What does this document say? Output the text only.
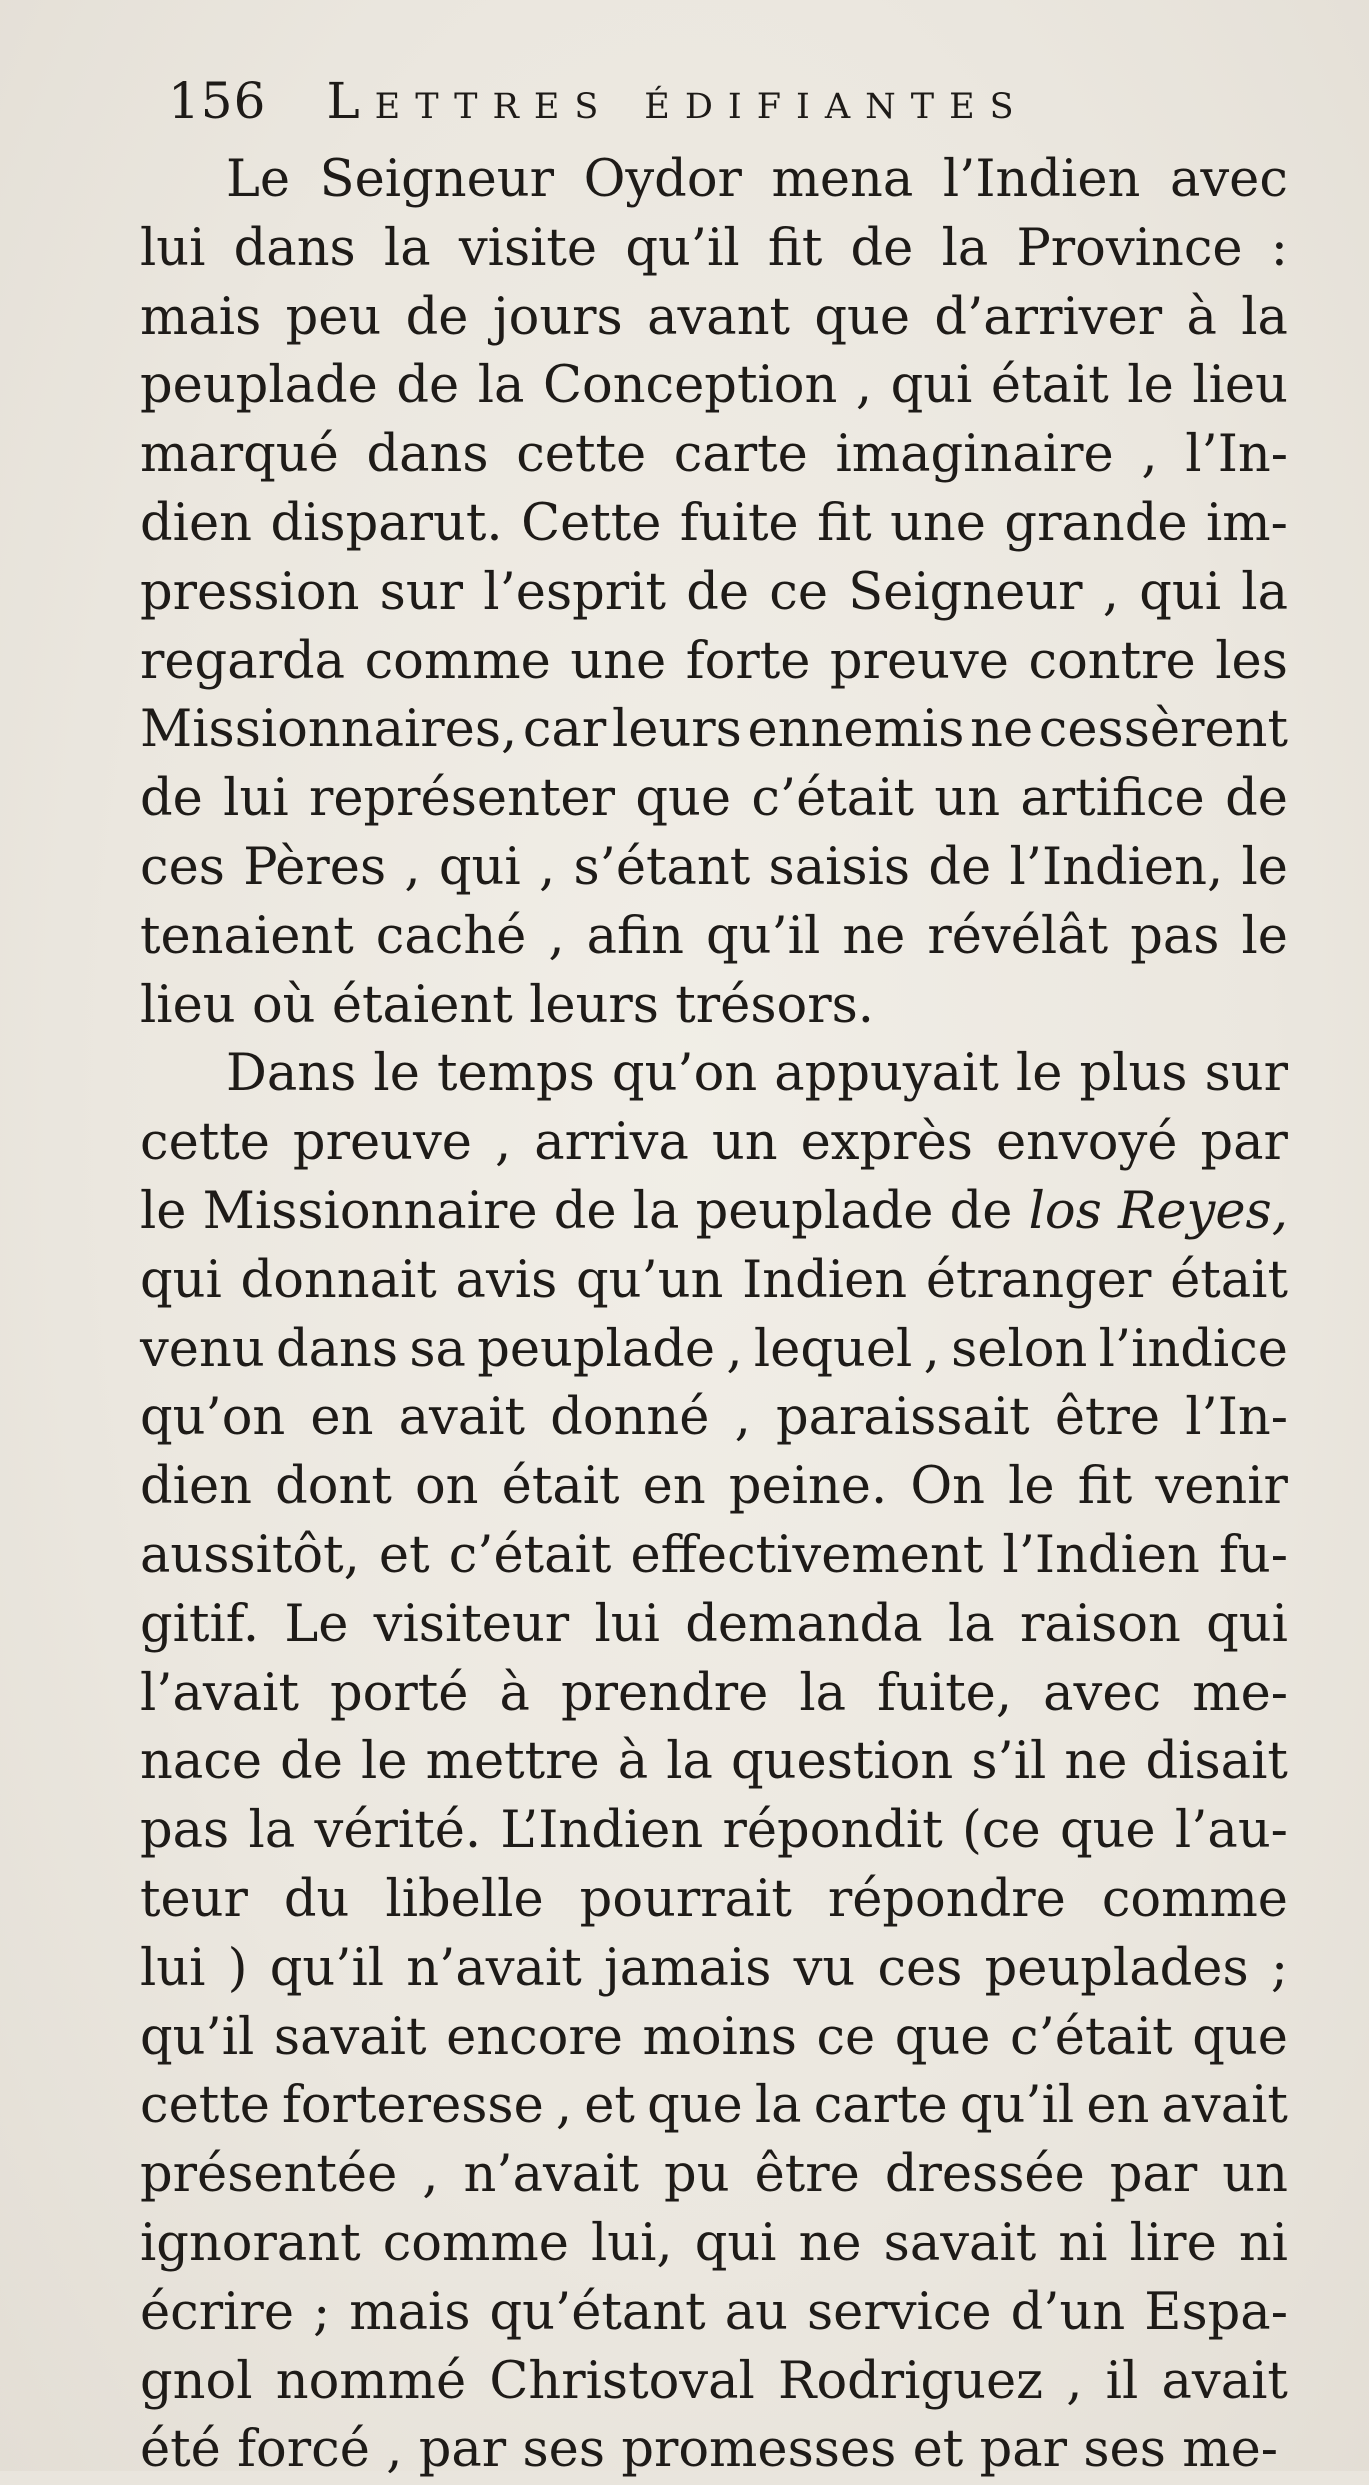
156 Lettres édifiantes
Le Seigneur Oydor mena l’Indien avec
lui dans la visite qu’il fit de la Province :
mais peu de jours avant que d’arriver à la
peuplade de la Conception , qui était le lieu
marqué dans cette carte imaginaire , l’In-
dien disparut. Cette fuite fit une grande im-
pression sur l’esprit de ce Seigneur , qui la
regarda comme une forte preuve contre les
Missionnaires, car leurs ennemis ne cessèrent
de lui représenter que c’était un artifice de
ces Pères , qui , s’étant saisis de l’Indien, le
tenaient caché , afin qu’il ne révélât pas le
lieu où étaient leurs trésors.
Dans le temps qu’on appuyait le plus sur
cette preuve , arriva un exprès envoyé par
le Missionnaire de la peuplade de los Reyes,
qui donnait avis qu’un Indien étranger était
venu dans sa peuplade , lequel , selon l’indice
qu’on en avait donné , paraissait être l’In-
dien dont on était en peine. On le fit venir
aussitôt, et c’était effectivement l’Indien fu-
gitif. Le visiteur lui demanda la raison qui
l’avait porté à prendre la fuite, avec me-
nace de le mettre à la question s’il ne disait
pas la vérité. L’Indien répondit (ce que l’au-
teur du libelle pourrait répondre comme
lui ) qu’il n’avait jamais vu ces peuplades ;
qu’il savait encore moins ce que c’était que
cette forteresse , et que la carte qu’il en avait
présentée , n’avait pu être dressée par un
ignorant comme lui, qui ne savait ni lire ni
écrire ; mais qu’étant au service d’un Espa-
gnol nommé Christoval Rodriguez , il avait
été forcé , par ses promesses et par ses me-
